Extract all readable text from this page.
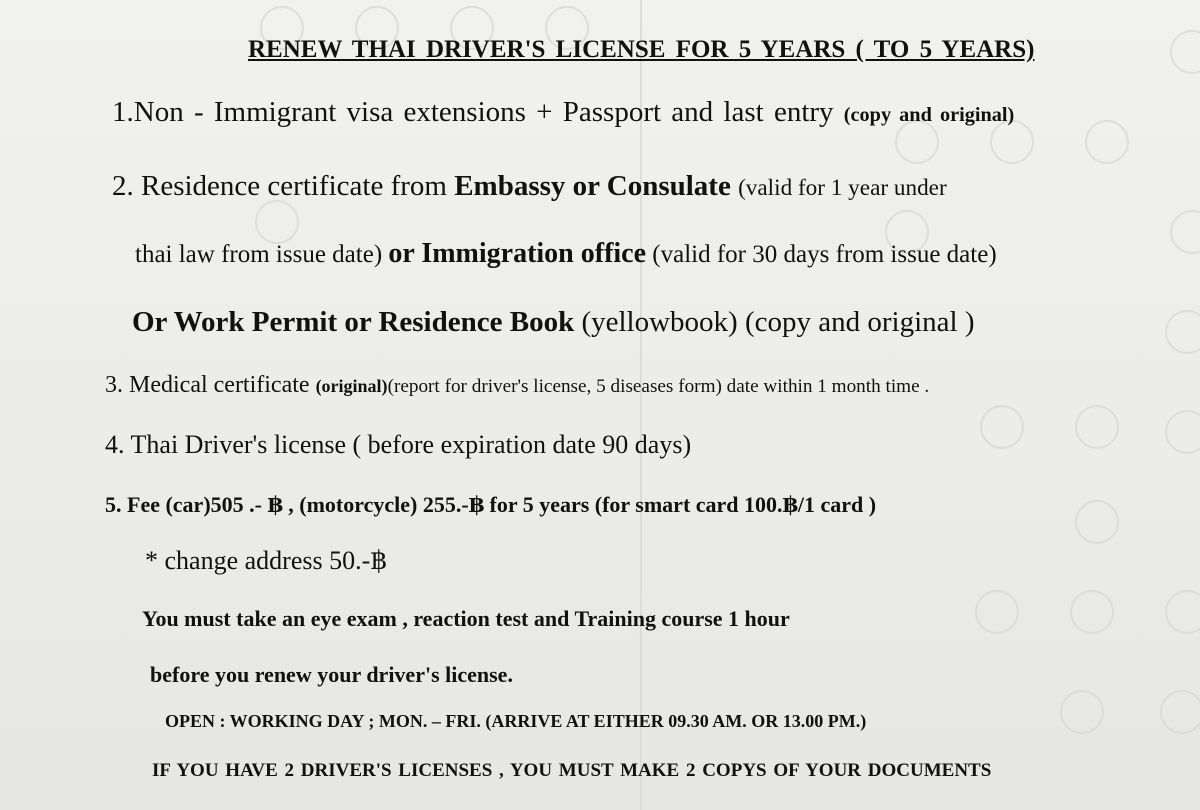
RENEW THAI DRIVER'S LICENSE FOR 5 YEARS ( TO 5 YEARS)
1.Non - Immigrant visa extensions + Passport and last entry (copy and original)
2. Residence certificate from Embassy or Consulate (valid for 1 year under
thai law from issue date) or Immigration office (valid for 30 days from issue date)
Or Work Permit or Residence Book (yellowbook) (copy and original )
3. Medical certificate (original)(report for driver's license, 5 diseases form) date within 1 month time .
4. Thai Driver's license ( before expiration date 90 days)
5. Fee (car)505 .- ฿ , (motorcycle) 255.-฿ for 5 years (for smart card 100.฿/1 card )
* change address 50.-฿
You must take an eye exam , reaction test and Training course 1 hour
before you renew your driver's license.
OPEN : WORKING DAY ; MON. – FRI. (ARRIVE AT EITHER 09.30 AM. OR 13.00 PM.)
IF YOU HAVE 2 DRIVER'S LICENSES , YOU MUST MAKE 2 COPYS OF YOUR DOCUMENTS
